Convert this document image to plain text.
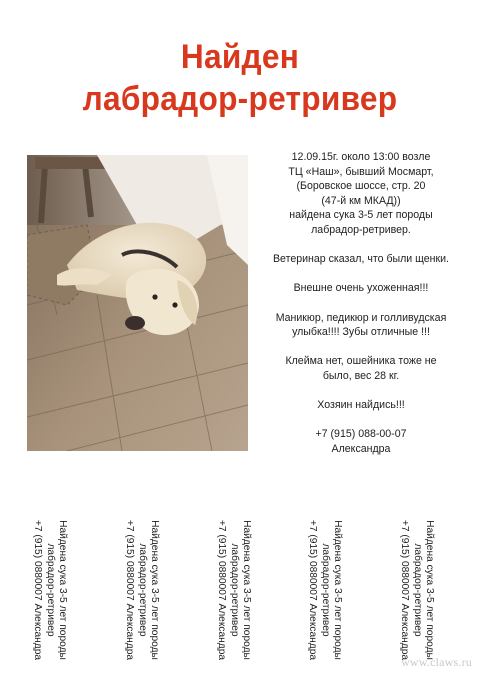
Найден
лабрадор-ретривер

12.09.15г. около 13:00 возле
ТЦ «Наш», бывший Мосмарт,
(Боровское шоссе, стр. 20
(47-й км МКАД))
найдена сука 3-5 лет породы
лабрадор-ретривер.

Ветеринар сказал, что были щенки.

Внешне очень ухоженная!!!

Маникюр, педикюр и голливудская
улыбка!!!! Зубы отличные !!!

Клейма нет, ошейника тоже не
было, вес 28 кг.

Хозяин найдись!!!

+7 (915) 088-00-07
Александра

Найдена сука 3-5 лет породы
лабрадор-ретривер
+7 (915) 0880007 Александра	Найдена сука 3-5 лет породы
лабрадор-ретривер
+7 (915) 0880007 Александра	Найдена сука 3-5 лет породы
лабрадор-ретривер
+7 (915) 0880007 Александра	Найдена сука 3-5 лет породы
лабрадор-ретривер
+7 (915) 0880007 Александра	Найдена сука 3-5 лет породы
лабрадор-ретривер
+7 (915) 0880007 Александра
www.claws.ru
